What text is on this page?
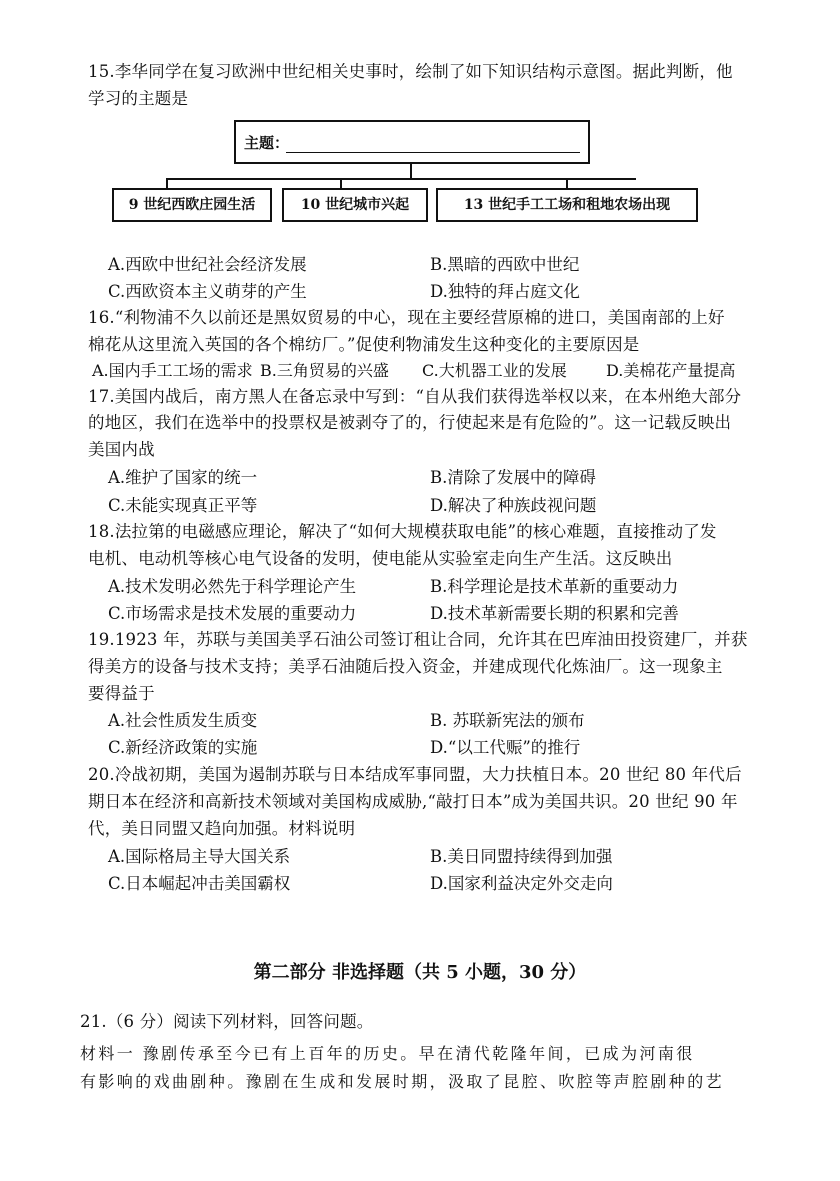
15.李华同学在复习欧洲中世纪相关史事时，绘制了如下知识结构示意图。据此判断，他
学习的主题是
主题：
9 世纪西欧庄园生活	10 世纪城市兴起	13 世纪手工工场和租地农场出现
A.西欧中世纪社会经济发展	B.黑暗的西欧中世纪
C.西欧资本主义萌芽的产生	D.独特的拜占庭文化
16.“利物浦不久以前还是黑奴贸易的中心，现在主要经营原棉的进口，美国南部的上好
棉花从这里流入英国的各个棉纺厂。”促使利物浦发生这种变化的主要原因是
A.国内手工工场的需求 B.三角贸易的兴盛 C.大机器工业的发展 D.美棉花产量提高
17.美国内战后，南方黑人在备忘录中写到：“自从我们获得选举权以来，在本州绝大部分
的地区，我们在选举中的投票权是被剥夺了的，行使起来是有危险的”。这一记载反映出
美国内战
A.维护了国家的统一	B.清除了发展中的障碍
C.未能实现真正平等	D.解决了种族歧视问题
18.法拉第的电磁感应理论，解决了“如何大规模获取电能”的核心难题，直接推动了发
电机、电动机等核心电气设备的发明，使电能从实验室走向生产生活。这反映出
A.技术发明必然先于科学理论产生	B.科学理论是技术革新的重要动力
C.市场需求是技术发展的重要动力	D.技术革新需要长期的积累和完善
19.1923 年，苏联与美国美孚石油公司签订租让合同，允许其在巴库油田投资建厂，并获
得美方的设备与技术支持；美孚石油随后投入资金，并建成现代化炼油厂。这一现象主
要得益于
A.社会性质发生质变	B. 苏联新宪法的颁布
C.新经济政策的实施	D.“以工代赈”的推行
20.冷战初期，美国为遏制苏联与日本结成军事同盟，大力扶植日本。20 世纪 80 年代后
期日本在经济和高新技术领域对美国构成威胁,“敲打日本”成为美国共识。20 世纪 90 年
代，美日同盟又趋向加强。材料说明
A.国际格局主导大国关系	B.美日同盟持续得到加强
C.日本崛起冲击美国霸权	D.国家利益决定外交走向
第二部分 非选择题（共 5 小题，30 分）
21.（6 分）阅读下列材料，回答问题。
材料一 豫剧传承至今已有上百年的历史。早在清代乾隆年间，已成为河南很
有影响的戏曲剧种。豫剧在生成和发展时期，汲取了昆腔、吹腔等声腔剧种的艺
